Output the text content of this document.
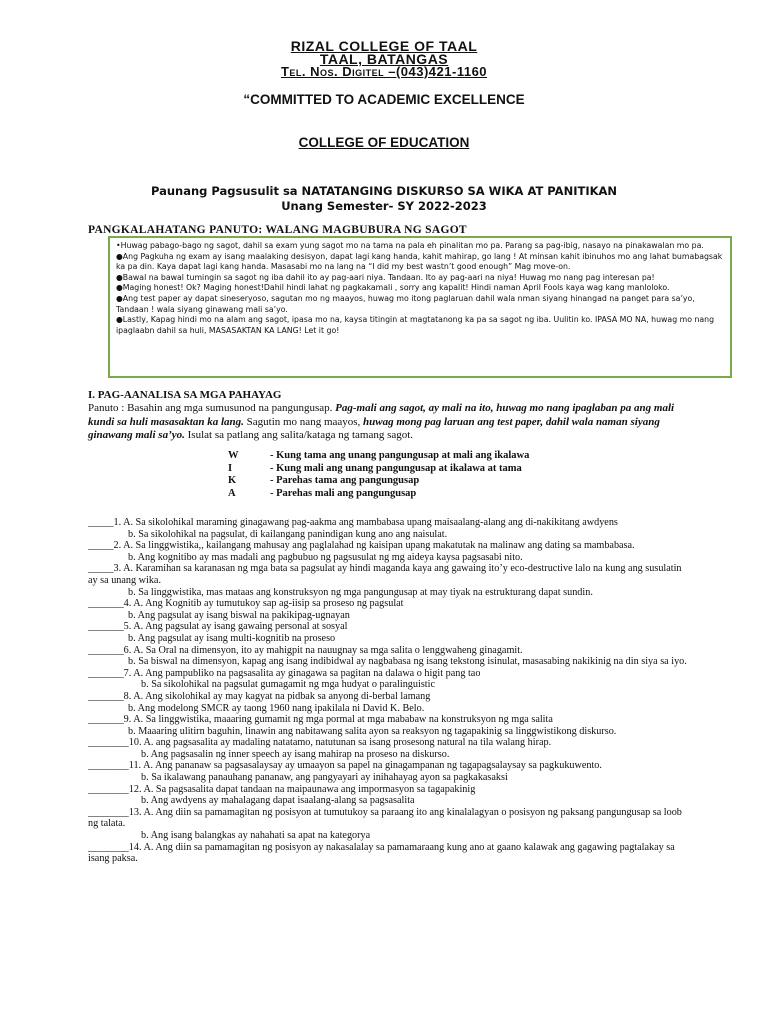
RIZAL COLLEGE OF TAAL
TAAL, BATANGAS
Tel. Nos. Digitel –(043)421-1160
“COMMITTED TO ACADEMIC EXCELLENCE
COLLEGE OF EDUCATION
Paunang Pagsusulit sa NATATANGING DISKURSO SA WIKA AT PANITIKAN
Unang Semester- SY 2022-2023
PANGKALAHATANG PANUTO: WALANG MAGBUBURA NG SAGOT

•Huwag pabago-bago ng sagot, dahil sa exam yung sagot mo na tama na pala eh pinalitan mo pa. Parang sa pag-ibig, nasayo na pinakawalan mo pa.

●Ang Pagkuha ng exam ay isang maalaking desisyon, dapat lagi kang handa, kahit mahirap, go lang ! At minsan kahit ibinuhos mo ang lahat bumabagsak ka pa din. Kaya dapat lagi kang handa. Masasabi mo na lang na “I did my best wastn’t good enough” Mag move-on.

●Bawal na bawal tumingin sa sagot ng iba dahil ito ay pag-aari niya. Tandaan. Ito ay pag-aari na niya! Huwag mo nang pag interesan pa!

●Maging honest! Ok? Maging honest!Dahil hindi lahat ng pagkakamali , sorry ang kapalit! Hindi naman April Fools kaya wag kang manloloko.

●Ang test paper ay dapat sineseryoso, sagutan mo ng maayos, huwag mo itong paglaruan dahil wala nman siyang hinangad na panget para sa’yo, Tandaan ! wala siyang ginawang mali sa’yo.

●Lastly, Kapag hindi mo na alam ang sagot, ipasa mo na, kaysa titingin at magtatanong ka pa sa sagot ng iba. Uulitin ko. IPASA MO NA, huwag mo nang ipaglaabn dahil sa huli, MASASAKTAN KA LANG! Let it go!

I. PAG-AANALISA SA MGA PAHAYAG
Panuto : Basahin ang mga sumusunod na pangungusap. Pag-mali ang sagot, ay mali na ito, huwag mo nang ipaglaban pa ang mali kundi sa huli masasaktan ka lang. Sagutin mo nang maayos, huwag mong pag laruan ang test paper, dahil wala naman siyang ginawang mali sa’yo. Isulat sa patlang ang salita/kataga ng tamang sagot.
W	- Kung tama ang unang pangungusap at mali ang ikalawa
I	- Kung mali ang unang pangungusap at ikalawa at tama
K	- Parehas tama ang pangungusap
A	- Parehas mali ang pangungusap

_____1. A. Sa sikolohikal maraming ginagawang pag-aakma ang mambabasa upang maisaalang-alang ang di-nakikitang awdyens

b. Sa sikolohikal na pagsulat, di kailangang panindigan kung ano ang naisulat.

_____2. A. Sa linggwistika,, kailangang mahusay ang paglalahad ng kaisipan upang makatutak na malinaw ang dating sa mambabasa.

b. Ang kognitibo ay mas madali ang pagbubuo ng pagsusulat ng mg aideya kaysa pagsasabi nito.

_____3. A. Karamihan sa karanasan ng mga bata sa pagsulat ay hindi maganda kaya ang gawaing ito’y eco-destructive lalo na kung ang susulatin ay sa unang wika.

b. Sa linggwistika, mas mataas ang konstruksyon ng mga pangungusap at may tiyak na estrukturang dapat sundin.

_______4. A. Ang Kognitib ay tumutukoy sap ag-iisip sa proseso ng pagsulat

b. Ang pagsulat ay isang biswal na pakikipag-ugnayan

_______5. A. Ang pagsulat ay isang gawaing personal at sosyal

b. Ang pagsulat ay isang multi-kognitib na proseso

_______6. A. Sa Oral na dimensyon, ito ay mahigpit na nauugnay sa mga salita o lenggwaheng ginagamit.

b. Sa biswal na dimensyon, kapag ang isang indibidwal ay nagbabasa ng isang tekstong isinulat, masasabing nakikinig na din siya sa iyo.

_______7. A. Ang pampubliko na pagsasalita ay ginagawa sa pagitan na dalawa o higit pang tao

b. Sa sikolohikal na pagsulat gumagamit ng mga hudyat o paralinguistic

_______8. A. Ang sikolohikal ay may kagyat na pidbak sa anyong di-berbal lamang

b. Ang modelong SMCR ay taong 1960 nang ipakilala ni David K. Belo.

_______9. A. Sa linggwistika, maaaring gumamit ng mga pormal at mga mababaw na konstruksyon ng mga salita

b. Maaaring ulitirn baguhin, linawin ang nabitawang salita ayon sa reaksyon ng tagapakinig sa linggwistikong diskurso.

________10. A. ang pagsasalita ay madaling natatamo, natutunan sa isang prosesong natural na tila walang hirap.

b. Ang pagsasalin ng inner speech ay isang mahirap na proseso na diskurso.

________11. A. Ang pananaw sa pagsasalaysay ay umaayon sa papel na ginagampanan ng tagapagsalaysay sa pagkukuwento.

b. Sa ikalawang panauhang pananaw, ang pangyayari ay inihahayag ayon sa pagkakasaksi

________12. A. Sa pagsasalita dapat tandaan na maipaunawa ang impormasyon sa tagapakinig

b. Ang awdyens ay mahalagang dapat isaalang-alang sa pagsasalita

________13. A. Ang diin sa pamamagitan ng posisyon at tumutukoy sa paraang ito ang kinalalagyan o posisyon ng paksang pangungusap sa loob ng talata.

b. Ang isang balangkas ay nahahati sa apat na kategorya

________14. A. Ang diin sa pamamagitan ng posisyon ay nakasalalay sa pamamaraang kung ano at gaano kalawak ang gagawing pagtalakay sa isang paksa.
